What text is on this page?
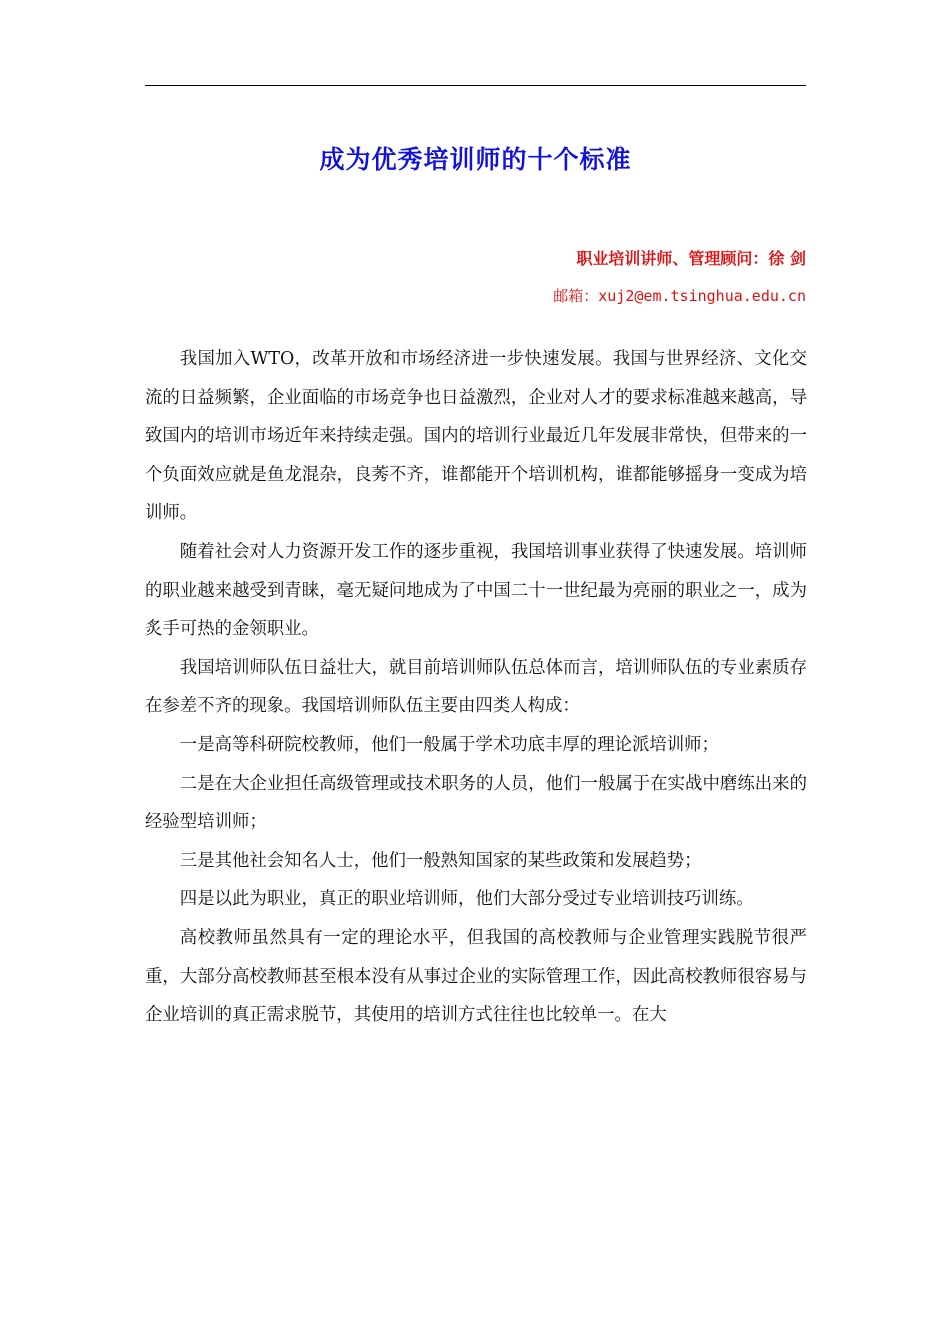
成为优秀培训师的十个标准
职业培训讲师、管理顾问：徐 剑
邮箱：xuj2@em.tsinghua.edu.cn

我国加入WTO，改革开放和市场经济进一步快速发展。我国与世界经济、文化交流的日益频繁，企业面临的市场竞争也日益激烈，企业对人才的要求标准越来越高，导致国内的培训市场近年来持续走强。国内的培训行业最近几年发展非常快，但带来的一个负面效应就是鱼龙混杂，良莠不齐，谁都能开个培训机构，谁都能够摇身一变成为培训师。

随着社会对人力资源开发工作的逐步重视，我国培训事业获得了快速发展。培训师的职业越来越受到青睐，毫无疑问地成为了中国二十一世纪最为亮丽的职业之一，成为炙手可热的金领职业。

我国培训师队伍日益壮大，就目前培训师队伍总体而言，培训师队伍的专业素质存在参差不齐的现象。我国培训师队伍主要由四类人构成：

一是高等科研院校教师，他们一般属于学术功底丰厚的理论派培训师；

二是在大企业担任高级管理或技术职务的人员，他们一般属于在实战中磨练出来的经验型培训师；

三是其他社会知名人士，他们一般熟知国家的某些政策和发展趋势；

四是以此为职业，真正的职业培训师，他们大部分受过专业培训技巧训练。

高校教师虽然具有一定的理论水平，但我国的高校教师与企业管理实践脱节很严重，大部分高校教师甚至根本没有从事过企业的实际管理工作，因此高校教师很容易与企业培训的真正需求脱节，其使用的培训方式往往也比较单一。在大
